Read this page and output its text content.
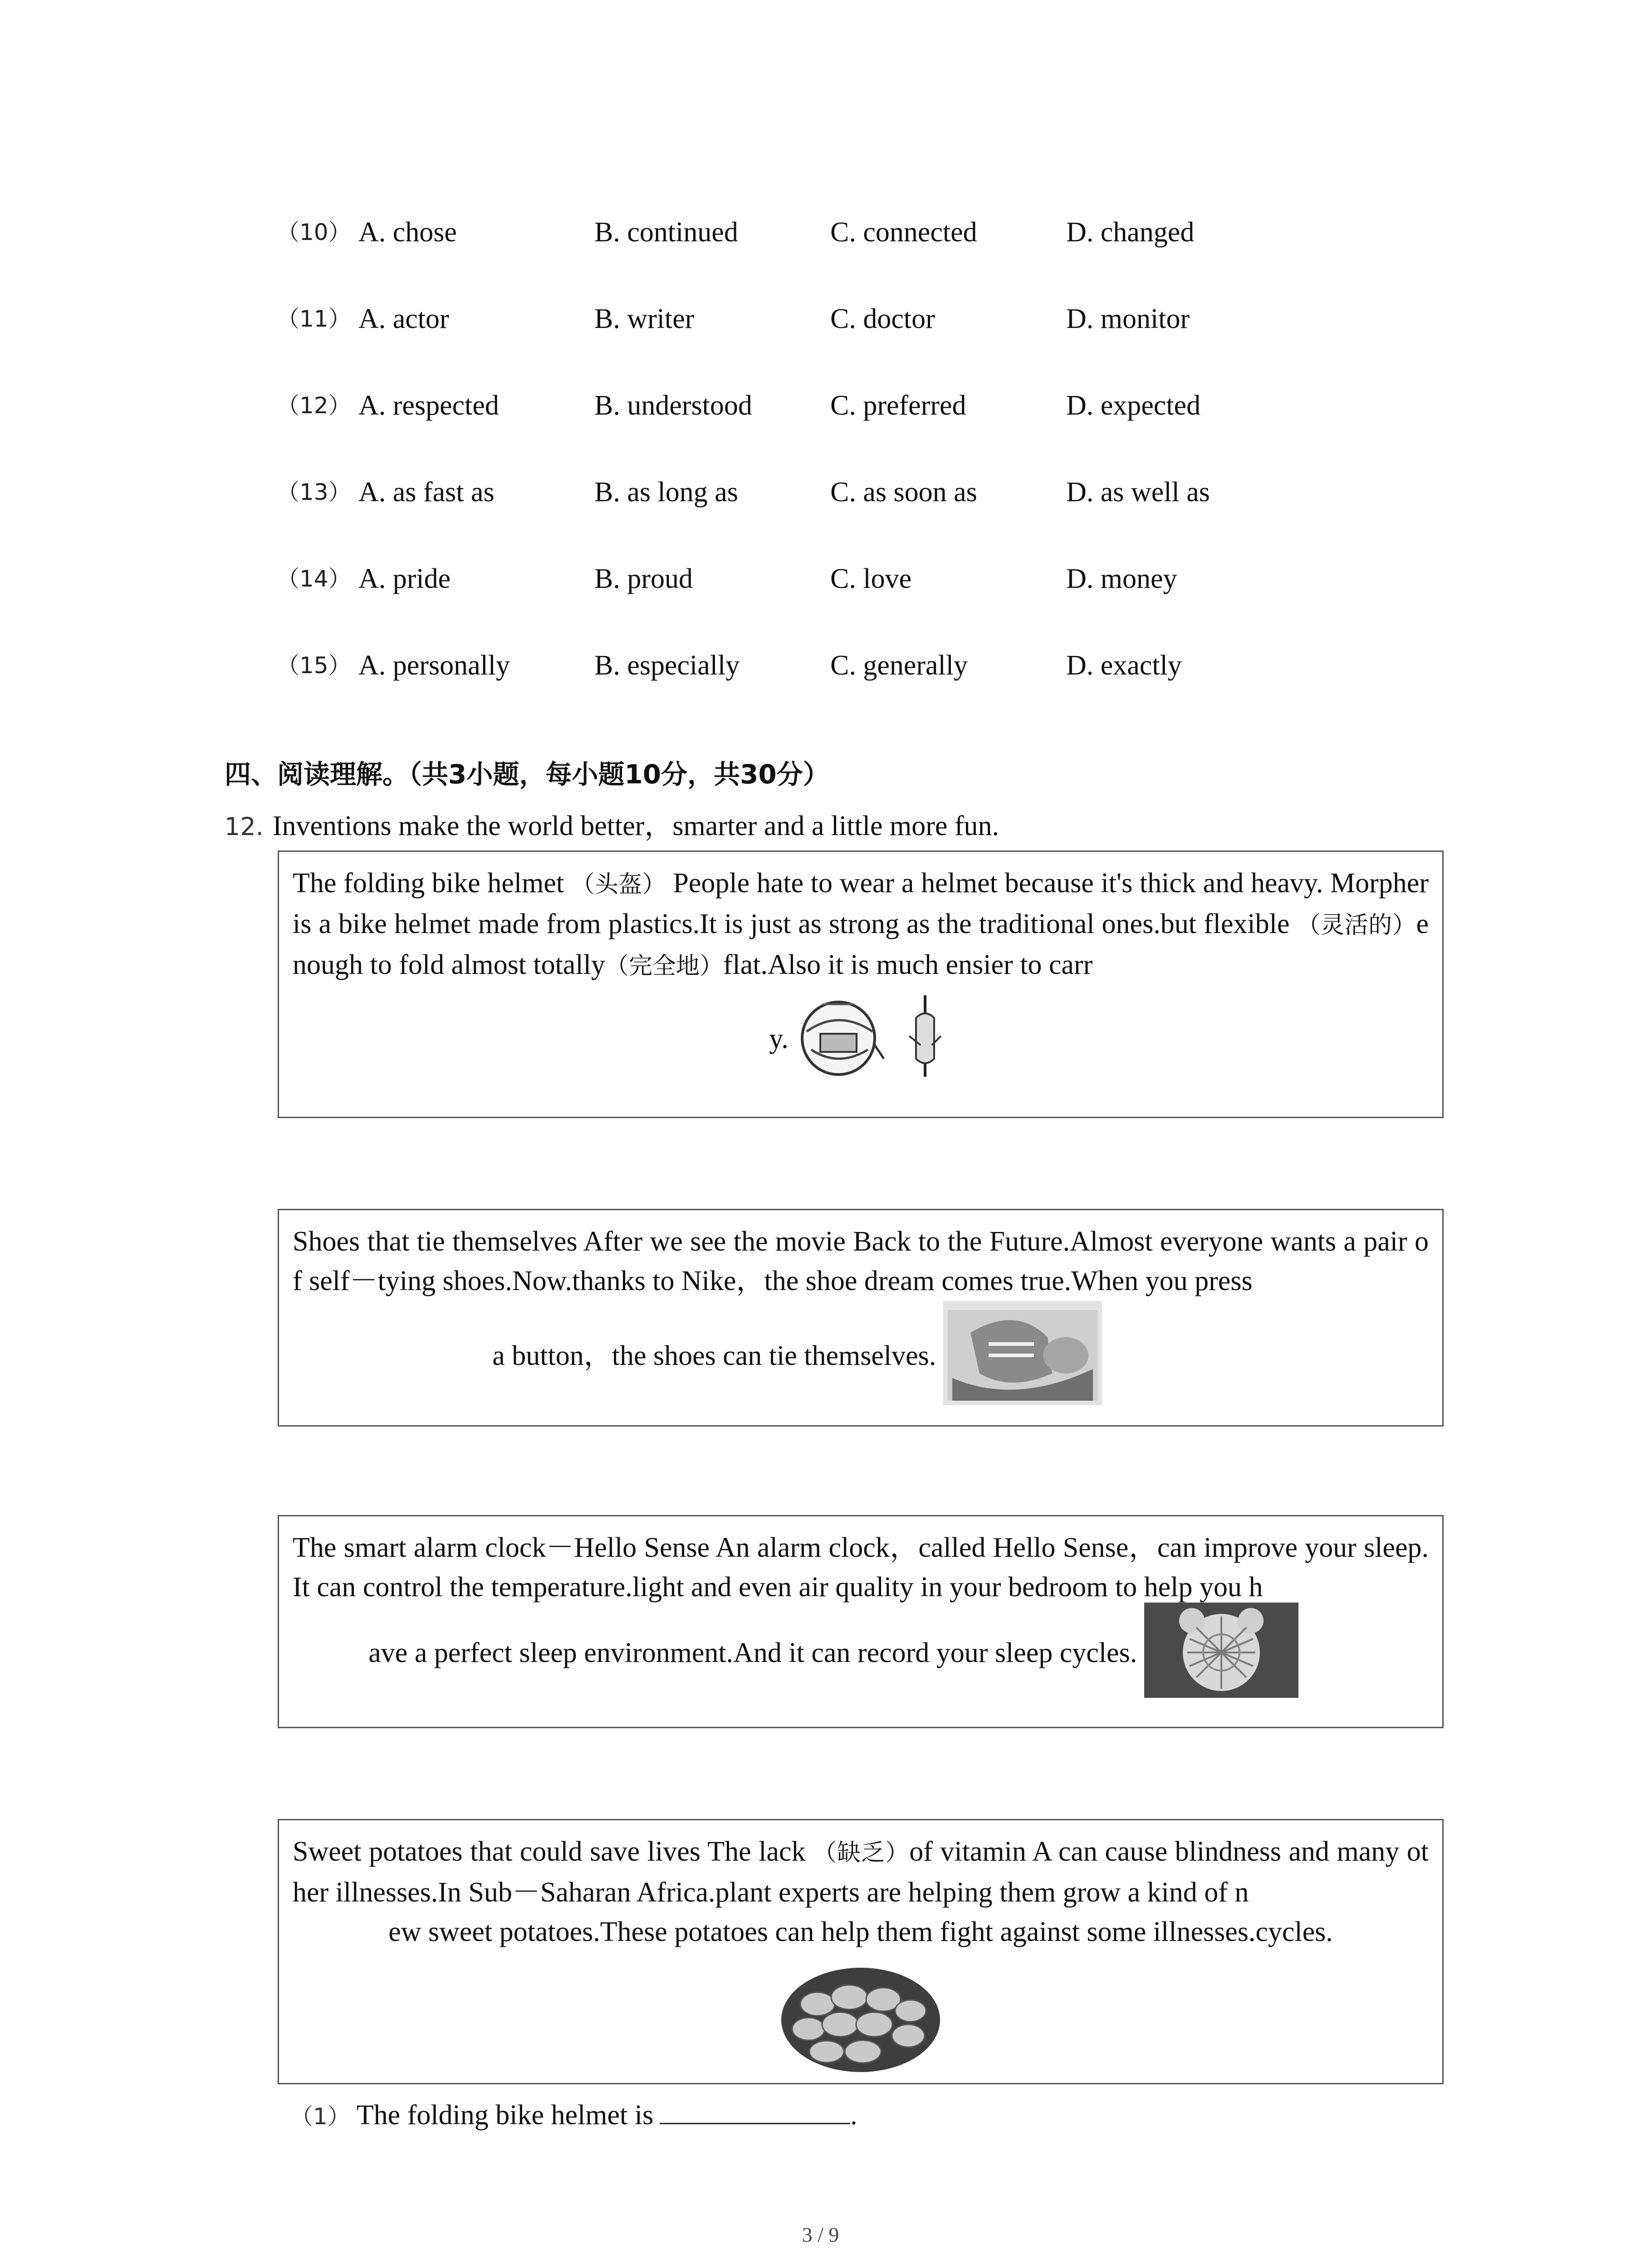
（10） A. chose	B. continued	C. connected	D. changed
（11） A. actor	B. writer	C. doctor	D. monitor
（12） A. respected	B. understood	C. preferred	D. expected
（13） A. as fast as	B. as long as	C. as soon as	D. as well as
（14） A. pride	B. proud	C. love	D. money
（15） A. personally	B. especially	C. generally	D. exactly
四、阅读理解。（共3小题，每小题10分，共30分）
12. Inventions make the world better，smarter and a little more fun.
The folding bike helmet （头盔） People hate to wear a helmet because it's thick and heavy. Morpher is a bike helmet made from plastics.It is just as strong as the traditional ones.but flexible （灵活的）enough to fold almost totally（完全地）flat.Also it is much ensier to carr
y.
Shoes that tie themselves After we see the movie Back to the Future.Almost everyone wants a pair of self－tying shoes.Now.thanks to Nike，the shoe dream comes true.When you press
a button，the shoes can tie themselves.
The smart alarm clock－Hello Sense An alarm clock，called Hello Sense，can improve your sleep.It can control the temperature.light and even air quality in your bedroom to help you h
ave a perfect sleep environment.And it can record your sleep cycles.
Sweet potatoes that could save lives The lack （缺乏）of vitamin A can cause blindness and many other illnesses.In Sub－Saharan Africa.plant experts are helping them grow a kind of n
ew sweet potatoes.These potatoes can help them fight against some illnesses.cycles.
（1） The folding bike helmet is	.
3 / 9
